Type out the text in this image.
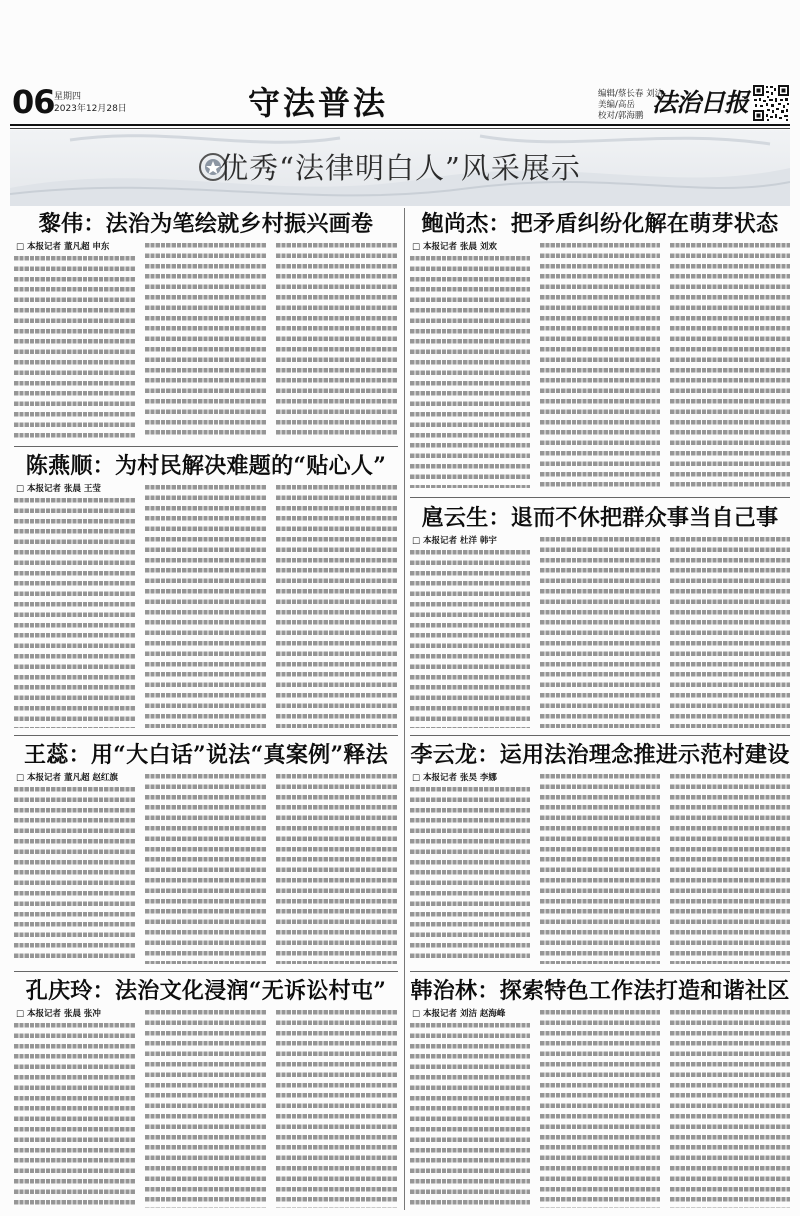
06 星期四
2023年12月28日	守法普法	编辑/蔡长春 刘洁
美编/高岳
校对/郭海鹏 法治日报
优秀“法律明白人”风采展示
黎伟：法治为笔绘就乡村振兴画卷
□ 本报记者 董凡超 申东
鲍尚杰：把矛盾纠纷化解在萌芽状态
□ 本报记者 张晨 刘欢
陈燕顺：为村民解决难题的“贴心人”
□ 本报记者 张晨 王莹
扈云生：退而不休把群众事当自己事
□ 本报记者 杜洋 韩宇
王蕊：用“大白话”说法“真案例”释法
□ 本报记者 董凡超 赵红旗
李云龙：运用法治理念推进示范村建设
□ 本报记者 张昊 李娜
孔庆玲：法治文化浸润“无诉讼村屯”
□ 本报记者 张晨 张冲
韩治林：探索特色工作法打造和谐社区
□ 本报记者 刘洁 赵海峰
